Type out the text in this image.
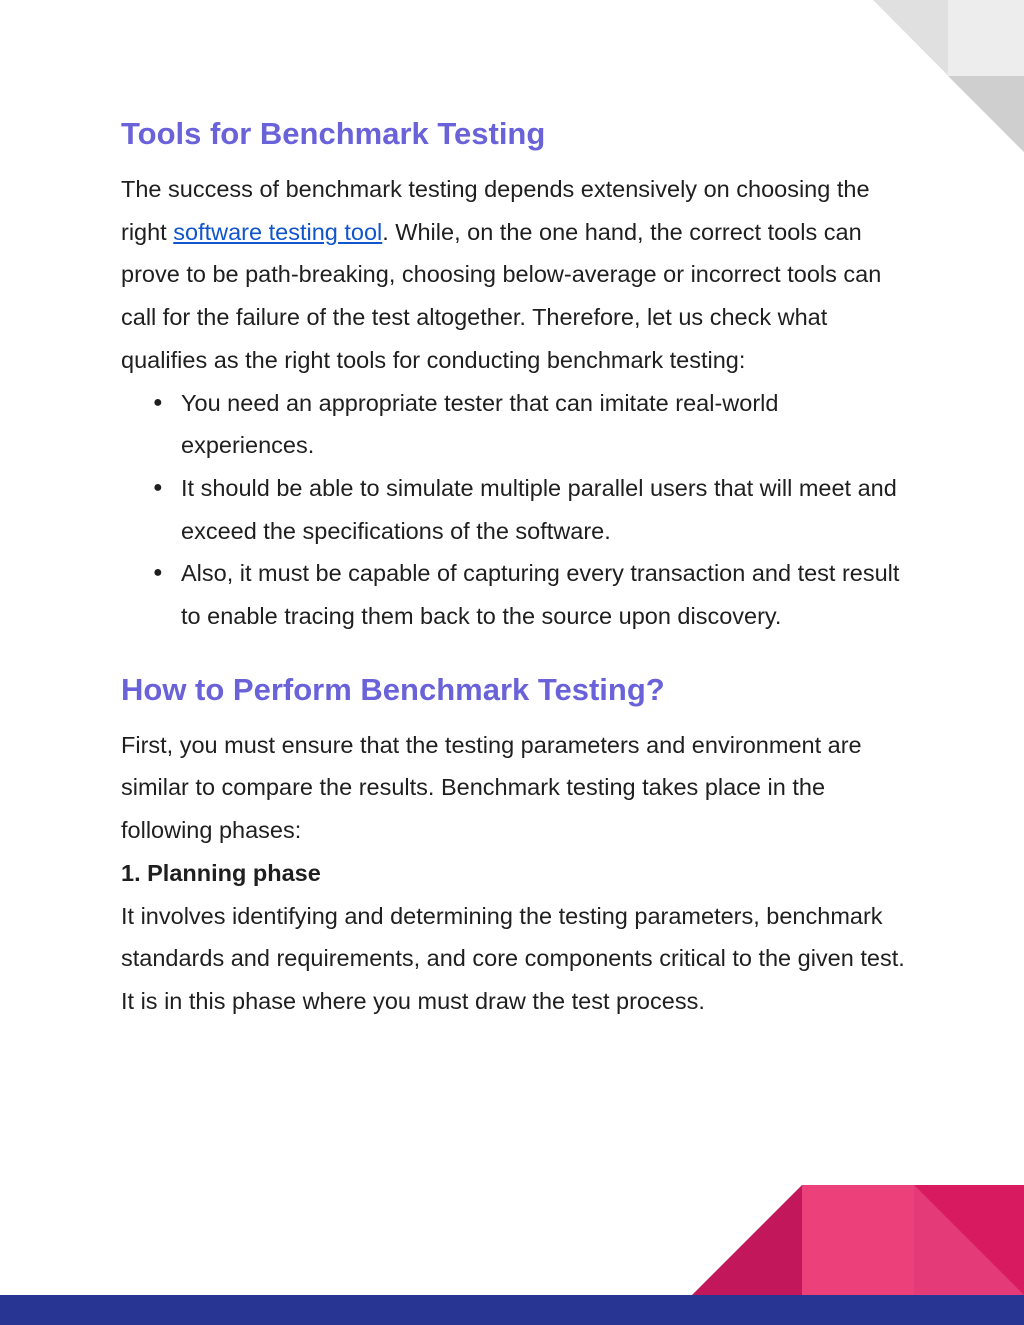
Tools for Benchmark Testing

The success of benchmark testing depends extensively on choosing the right software testing tool. While, on the one hand, the correct tools can prove to be path-breaking, choosing below-average or incorrect tools can call for the failure of the test altogether. Therefore, let us check what qualifies as the right tools for conducting benchmark testing:

● You need an appropriate tester that can imitate real-world experiences.
● It should be able to simulate multiple parallel users that will meet and exceed the specifications of the software.
● Also, it must be capable of capturing every transaction and test result to enable tracing them back to the source upon discovery.
How to Perform Benchmark Testing?

First, you must ensure that the testing parameters and environment are similar to compare the results. Benchmark testing takes place in the following phases:

1. Planning phase

It involves identifying and determining the testing parameters, benchmark standards and requirements, and core components critical to the given test. It is in this phase where you must draw the test process.
